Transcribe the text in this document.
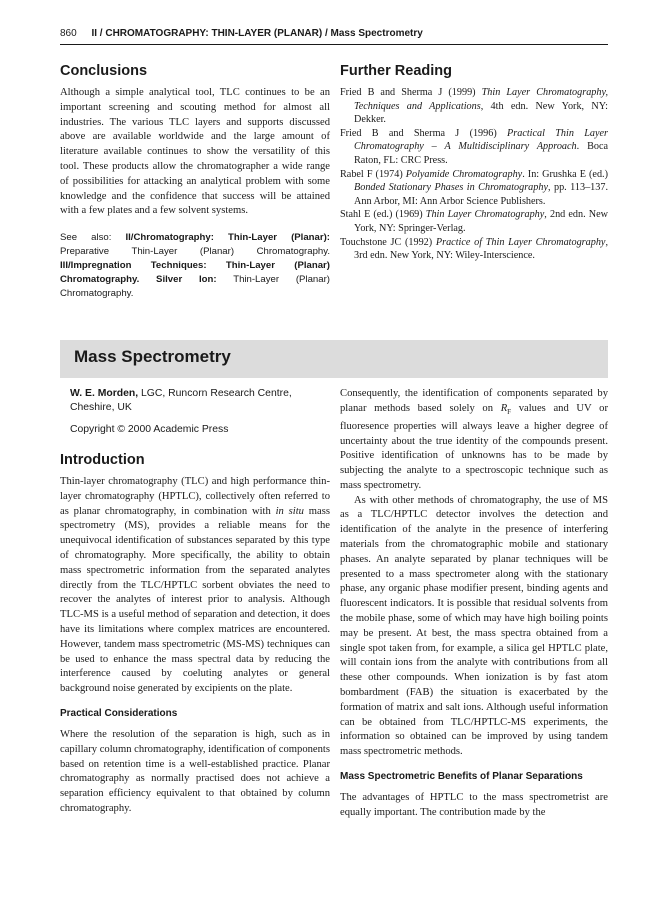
860 II / CHROMATOGRAPHY: THIN-LAYER (PLANAR) / Mass Spectrometry
Conclusions

Although a simple analytical tool, TLC continues to be an important screening and scouting method for almost all industries. The various TLC layers and supports discussed above are available worldwide and the large amount of literature available continues to show the versatility of this tool. These products allow the chromatographer a wide range of possibilities for attacking an analytical problem with some knowledge and the confidence that success will be attained with a few plates and a few solvent systems.

See also: II/Chromatography: Thin-Layer (Planar): Preparative Thin-Layer (Planar) Chromatography. III/Impregnation Techniques: Thin-Layer (Planar) Chromatography. Silver Ion: Thin-Layer (Planar) Chromatography.
Further Reading

Fried B and Sherma J (1999) Thin Layer Chromatography, Techniques and Applications, 4th edn. New York, NY: Dekker.

Fried B and Sherma J (1996) Practical Thin Layer Chromatography – A Multidisciplinary Approach. Boca Raton, FL: CRC Press.

Rabel F (1974) Polyamide Chromatography. In: Grushka E (ed.) Bonded Stationary Phases in Chromatography, pp. 113–137. Ann Arbor, MI: Ann Arbor Science Publishers.

Stahl E (ed.) (1969) Thin Layer Chromatography, 2nd edn. New York, NY: Springer-Verlag.

Touchstone JC (1992) Practice of Thin Layer Chromatography, 3rd edn. New York, NY: Wiley-Interscience.

Mass Spectrometry
W. E. Morden, LGC, Runcorn Research Centre, Cheshire, UK
Copyright © 2000 Academic Press
Introduction

Thin-layer chromatography (TLC) and high performance thin-layer chromatography (HPTLC), collectively often referred to as planar chromatography, in combination with in situ mass spectrometry (MS), provides a reliable means for the unequivocal identification of substances separated by this type of chromatography. More specifically, the ability to obtain mass spectrometric information from the separated analytes directly from the TLC/HPTLC sorbent obviates the need to recover the analytes of interest prior to analysis. Although TLC-MS is a useful method of separation and detection, it does have its limitations where complex matrices are encountered. However, tandem mass spectrometric (MS-MS) techniques can be used to enhance the mass spectral data by reducing the interference caused by coeluting analytes or general background noise generated by excipients on the plate.

Practical Considerations

Where the resolution of the separation is high, such as in capillary column chromatography, identification of components based on retention time is a well-established practice. Planar chromatography as normally practised does not achieve a separation efficiency equivalent to that obtained by column chromatography.

Consequently, the identification of components separated by planar methods based solely on $R_F$ values and UV or fluoresence properties will always leave a higher degree of uncertainty about the true identity of the compounds present. Positive identification of unknowns has to be made by subjecting the analyte to a spectroscopic technique such as mass spectrometry.

As with other methods of chromatography, the use of MS as a TLC/HPTLC detector involves the detection and identification of the analyte in the presence of interfering materials from the chromatographic mobile and stationary phases. An analyte separated by planar techniques will be presented to a mass spectrometer along with the stationary phase, any organic phase modifier present, binding agents and fluorescent indicators. It is possible that residual solvents from the mobile phase, some of which may have high boiling points may be present. At best, the mass spectra obtained from a single spot taken from, for example, a silica gel HPTLC plate, will contain ions from the analyte with contributions from all these other compounds. When ionization is by fast atom bombardment (FAB) the situation is exacerbated by the formation of matrix and salt ions. Although useful information can be obtained from TLC/HPTLC-MS experiments, the information so obtained can be improved by using tandem mass spectrometric methods.

Mass Spectrometric Benefits of Planar Separations

The advantages of HPTLC to the mass spectrometrist are equally important. The contribution made by the
